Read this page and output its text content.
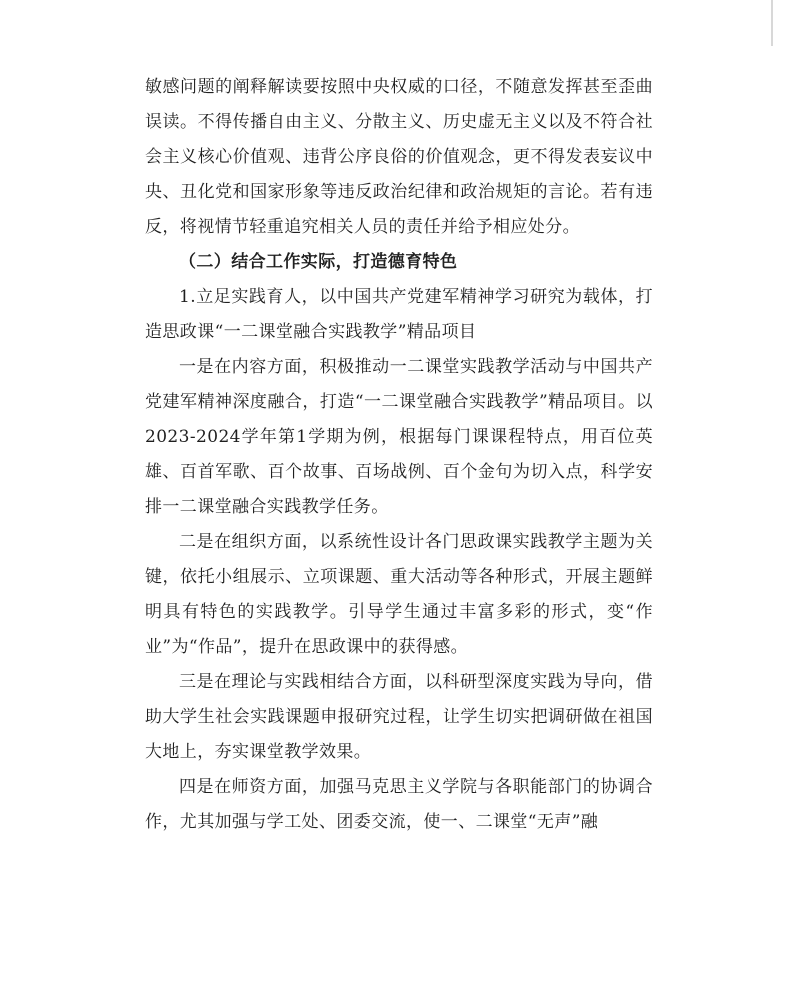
敏感问题的阐释解读要按照中央权威的口径，不随意发挥甚至歪曲误读。不得传播自由主义、分散主义、历史虚无主义以及不符合社会主义核心价值观、违背公序良俗的价值观念，更不得发表妄议中央、丑化党和国家形象等违反政治纪律和政治规矩的言论。若有违反，将视情节轻重追究相关人员的责任并给予相应处分。

（二）结合工作实际，打造德育特色

1.立足实践育人，以中国共产党建军精神学习研究为载体，打造思政课“一二课堂融合实践教学”精品项目

一是在内容方面，积极推动一二课堂实践教学活动与中国共产党建军精神深度融合，打造“一二课堂融合实践教学”精品项目。以2023-2024学年第1学期为例，根据每门课课程特点，用百位英雄、百首军歌、百个故事、百场战例、百个金句为切入点，科学安排一二课堂融合实践教学任务。

二是在组织方面，以系统性设计各门思政课实践教学主题为关键，依托小组展示、立项课题、重大活动等各种形式，开展主题鲜明具有特色的实践教学。引导学生通过丰富多彩的形式，变“作业”为“作品”，提升在思政课中的获得感。

三是在理论与实践相结合方面，以科研型深度实践为导向，借助大学生社会实践课题申报研究过程，让学生切实把调研做在祖国大地上，夯实课堂教学效果。

四是在师资方面，加强马克思主义学院与各职能部门的协调合作，尤其加强与学工处、团委交流，使一、二课堂“无声”融
